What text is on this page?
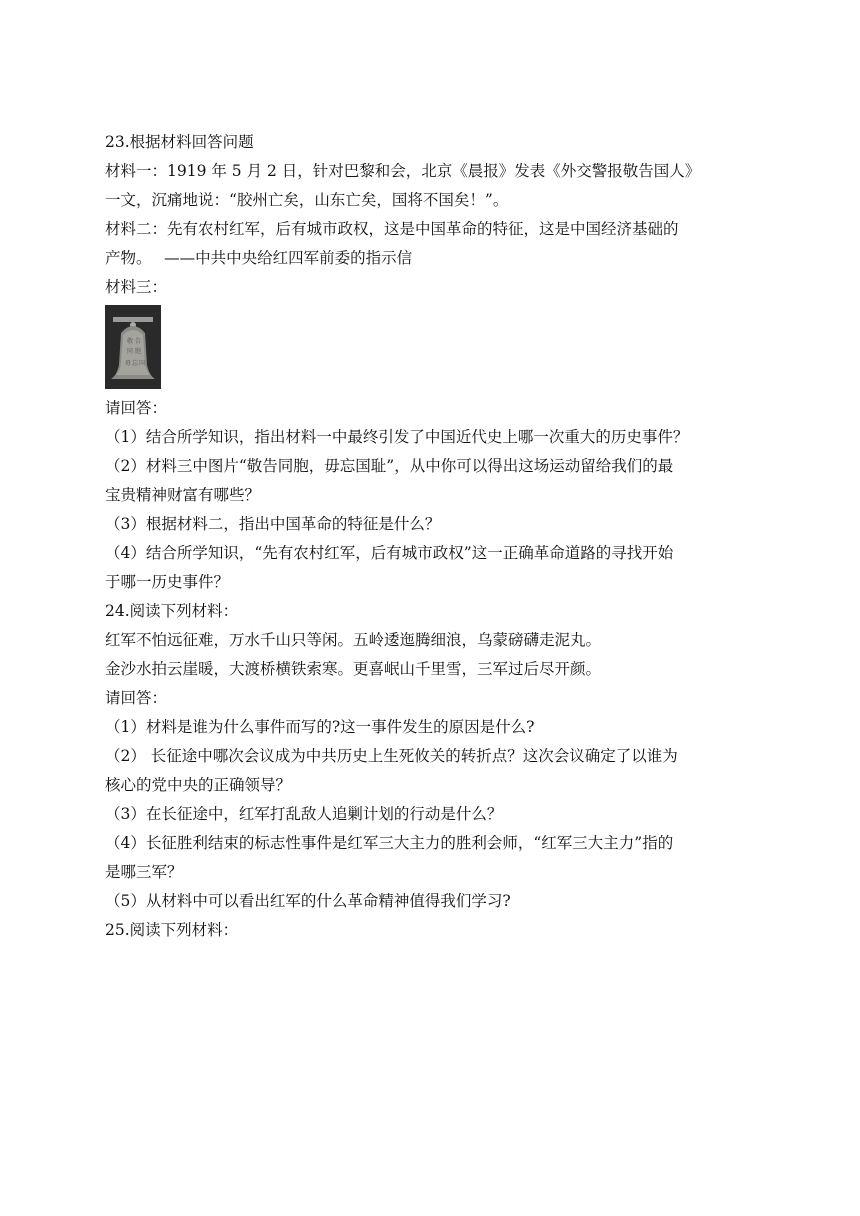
23.根据材料回答问题
材料一：1919 年 5 月 2 日，针对巴黎和会，北京《晨报》发表《外交警报敬告国人》
一文，沉痛地说：“胶州亡矣，山东亡矣，国将不国矣！”。
材料二：先有农村红军，后有城市政权，这是中国革命的特征，这是中国经济基础的
产物。　 ——中共中央给红四军前委的指示信
材料三：
敬 告
同 胞
毋 忘 国
请回答：
（1）结合所学知识，指出材料一中最终引发了中国近代史上哪一次重大的历史事件？
（2）材料三中图片“敬告同胞，毋忘国耻”，从中你可以得出这场运动留给我们的最
宝贵精神财富有哪些？
（3）根据材料二，指出中国革命的特征是什么？
（4）结合所学知识，“先有农村红军，后有城市政权”这一正确革命道路的寻找开始
于哪一历史事件？
24.阅读下列材料：
红军不怕远征难，万水千山只等闲。五岭逶迤腾细浪，乌蒙磅礴走泥丸。
金沙水拍云崖暖，大渡桥横铁索寒。更喜岷山千里雪，三军过后尽开颜。
请回答：
（1）材料是谁为什么事件而写的?这一事件发生的原因是什么?
（2） 长征途中哪次会议成为中共历史上生死攸关的转折点？这次会议确定了以谁为
核心的党中央的正确领导？
（3）在长征途中，红军打乱敌人追剿计划的行动是什么？
（4）长征胜利结束的标志性事件是红军三大主力的胜利会师，“红军三大主力”指的
是哪三军？
（5）从材料中可以看出红军的什么革命精神值得我们学习?
25.阅读下列材料：
